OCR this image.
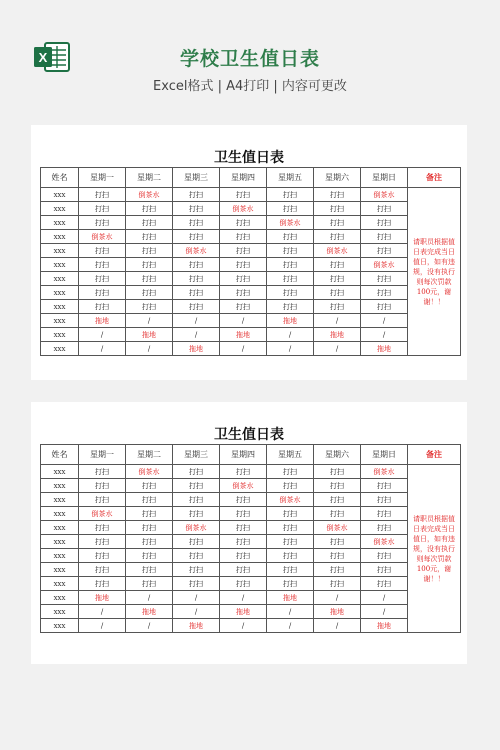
X	学校卫生值日表
Excel格式 | A4打印 | 内容可更改
卫生值日表
姓名	星期一	星期二	星期三	星期四	星期五	星期六	星期日	备注
xxx	打扫	倒茶水	打扫	打扫	打扫	打扫	倒茶水	请职员根据值日表完成当日值日，如有违规，没有执行则每次罚款100元，谢谢！！
xxx	打扫	打扫	打扫	倒茶水	打扫	打扫	打扫	
xxx	打扫	打扫	打扫	打扫	倒茶水	打扫	打扫	
xxx	倒茶水	打扫	打扫	打扫	打扫	打扫	打扫	
xxx	打扫	打扫	倒茶水	打扫	打扫	倒茶水	打扫	
xxx	打扫	打扫	打扫	打扫	打扫	打扫	倒茶水	
xxx	打扫	打扫	打扫	打扫	打扫	打扫	打扫	
xxx	打扫	打扫	打扫	打扫	打扫	打扫	打扫	
xxx	打扫	打扫	打扫	打扫	打扫	打扫	打扫	
xxx	拖地	/	/	/	拖地	/	/	
xxx	/	拖地	/	拖地	/	拖地	/	
xxx	/	/	拖地	/	/	/	拖地	
卫生值日表
姓名	星期一	星期二	星期三	星期四	星期五	星期六	星期日	备注
xxx	打扫	倒茶水	打扫	打扫	打扫	打扫	倒茶水	请职员根据值日表完成当日值日，如有违规，没有执行则每次罚款100元，谢谢！！
xxx	打扫	打扫	打扫	倒茶水	打扫	打扫	打扫	
xxx	打扫	打扫	打扫	打扫	倒茶水	打扫	打扫	
xxx	倒茶水	打扫	打扫	打扫	打扫	打扫	打扫	
xxx	打扫	打扫	倒茶水	打扫	打扫	倒茶水	打扫	
xxx	打扫	打扫	打扫	打扫	打扫	打扫	倒茶水	
xxx	打扫	打扫	打扫	打扫	打扫	打扫	打扫	
xxx	打扫	打扫	打扫	打扫	打扫	打扫	打扫	
xxx	打扫	打扫	打扫	打扫	打扫	打扫	打扫	
xxx	拖地	/	/	/	拖地	/	/	
xxx	/	拖地	/	拖地	/	拖地	/	
xxx	/	/	拖地	/	/	/	拖地	
